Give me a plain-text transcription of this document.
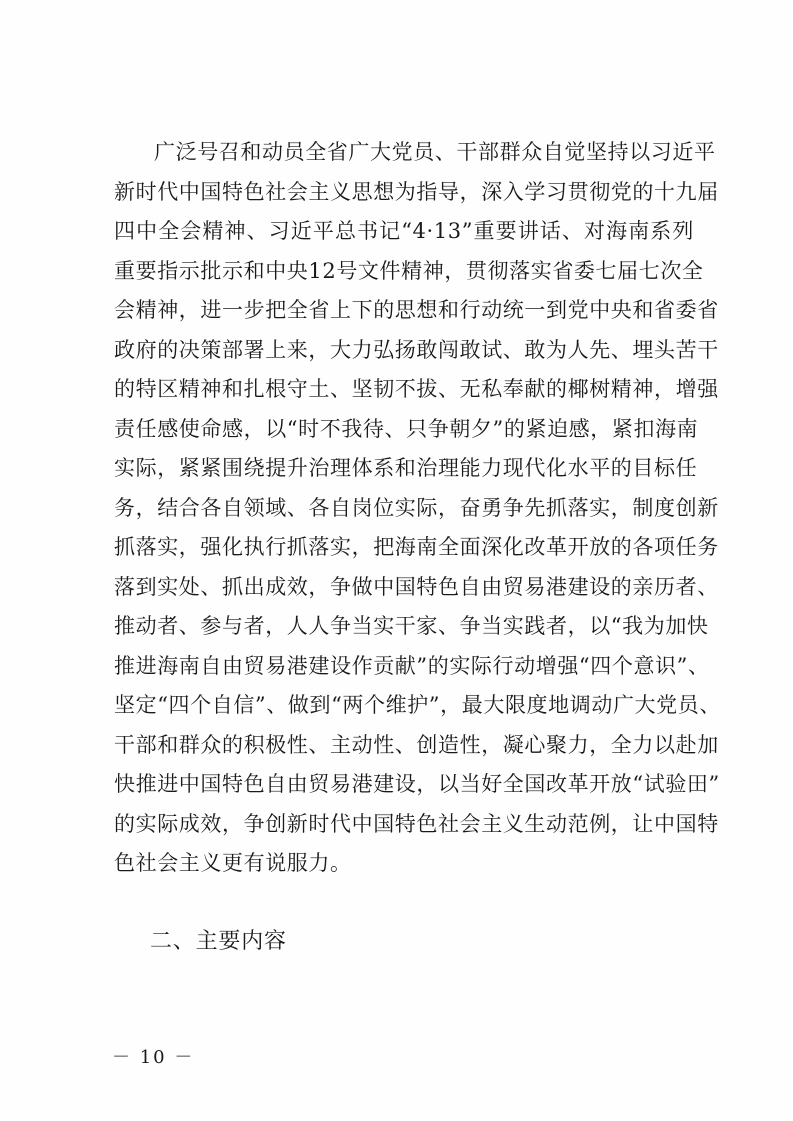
广泛号召和动员全省广大党员、干部群众自觉坚持以习近平
新时代中国特色社会主义思想为指导，深入学习贯彻党的十九届
四中全会精神、习近平总书记“4·13”重要讲话、对海南系列
重要指示批示和中央12号文件精神，贯彻落实省委七届七次全
会精神，进一步把全省上下的思想和行动统一到党中央和省委省
政府的决策部署上来，大力弘扬敢闯敢试、敢为人先、埋头苦干
的特区精神和扎根守土、坚韧不拔、无私奉献的椰树精神，增强
责任感使命感，以“时不我待、只争朝夕”的紧迫感，紧扣海南
实际，紧紧围绕提升治理体系和治理能力现代化水平的目标任
务，结合各自领域、各自岗位实际，奋勇争先抓落实，制度创新
抓落实，强化执行抓落实，把海南全面深化改革开放的各项任务
落到实处、抓出成效，争做中国特色自由贸易港建设的亲历者、
推动者、参与者，人人争当实干家、争当实践者，以“我为加快
推进海南自由贸易港建设作贡献”的实际行动增强“四个意识”、
坚定“四个自信”、做到“两个维护”，最大限度地调动广大党员、
干部和群众的积极性、主动性、创造性，凝心聚力，全力以赴加
快推进中国特色自由贸易港建设，以当好全国改革开放“试验田”
的实际成效，争创新时代中国特色社会主义生动范例，让中国特
色社会主义更有说服力。
二、主要内容
－ 10 －
